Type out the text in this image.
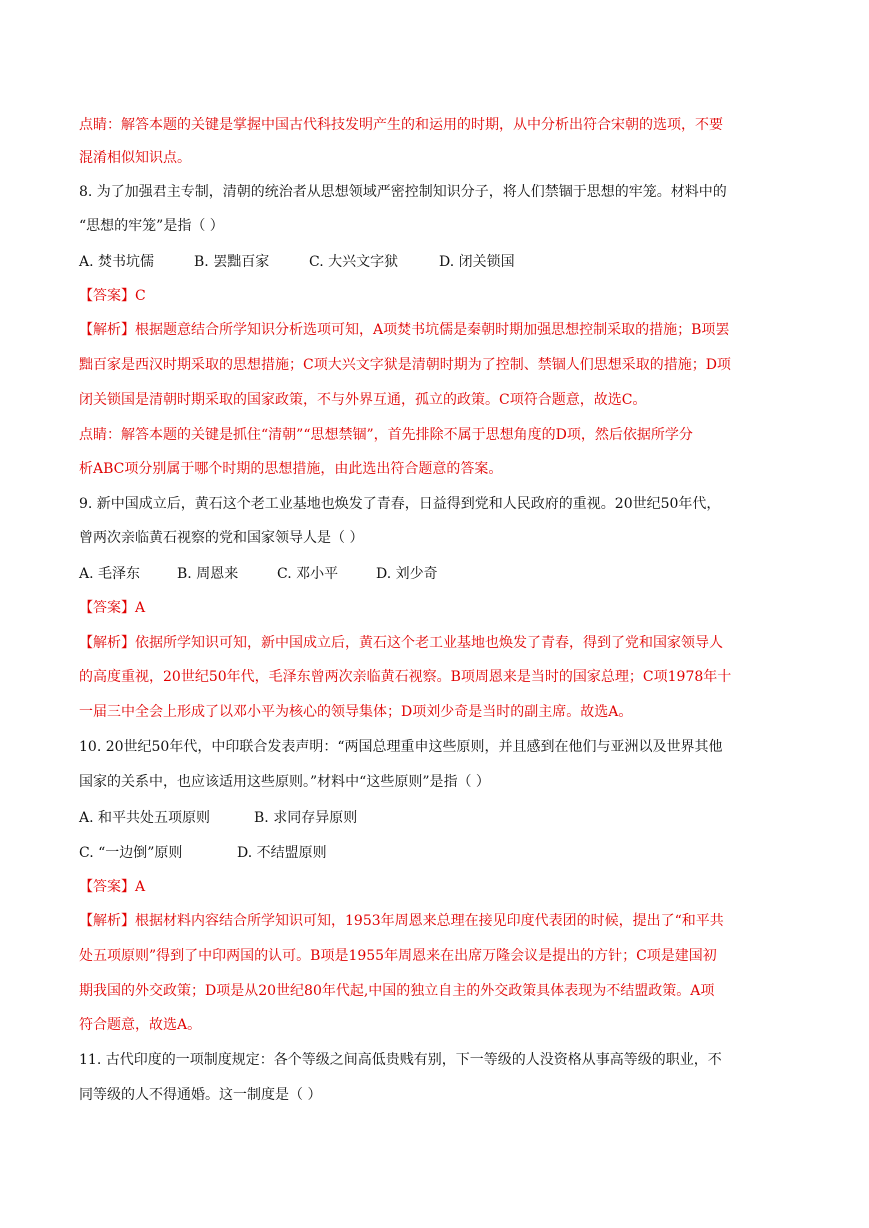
点睛：解答本题的关键是掌握中国古代科技发明产生的和运用的时期，从中分析出符合宋朝的选项，不要
混淆相似知识点。
8. 为了加强君主专制，清朝的统治者从思想领域严密控制知识分子，将人们禁锢于思想的牢笼。材料中的
“思想的牢笼”是指（ ）
A. 焚书坑儒	B. 罢黜百家	C. 大兴文字狱	D. 闭关锁国
【答案】C
【解析】根据题意结合所学知识分析选项可知，A项焚书坑儒是秦朝时期加强思想控制采取的措施；B项罢
黜百家是西汉时期采取的思想措施；C项大兴文字狱是清朝时期为了控制、禁锢人们思想采取的措施；D项
闭关锁国是清朝时期采取的国家政策，不与外界互通，孤立的政策。C项符合题意，故选C。
点睛：解答本题的关键是抓住“清朝”“思想禁锢”，首先排除不属于思想角度的D项，然后依据所学分
析ABC项分别属于哪个时期的思想措施，由此选出符合题意的答案。
9. 新中国成立后，黄石这个老工业基地也焕发了青春，日益得到党和人民政府的重视。20世纪50年代，
曾两次亲临黄石视察的党和国家领导人是（ ）
A. 毛泽东	B. 周恩来	C. 邓小平	D. 刘少奇
【答案】A
【解析】依据所学知识可知，新中国成立后，黄石这个老工业基地也焕发了青春，得到了党和国家领导人
的高度重视，20世纪50年代，毛泽东曾两次亲临黄石视察。B项周恩来是当时的国家总理；C项1978年十
一届三中全会上形成了以邓小平为核心的领导集体；D项刘少奇是当时的副主席。故选A。
10. 20世纪50年代，中印联合发表声明：“两国总理重申这些原则，并且感到在他们与亚洲以及世界其他
国家的关系中，也应该适用这些原则。”材料中“这些原则”是指（ ）
A. 和平共处五项原则	B. 求同存异原则
C. “一边倒”原则	D. 不结盟原则
【答案】A
【解析】根据材料内容结合所学知识可知，1953年周恩来总理在接见印度代表团的时候，提出了“和平共
处五项原则”得到了中印两国的认可。B项是1955年周恩来在出席万隆会议是提出的方针；C项是建国初
期我国的外交政策；D项是从20世纪80年代起,中国的独立自主的外交政策具体表现为不结盟政策。A项
符合题意，故选A。
11. 古代印度的一项制度规定：各个等级之间高低贵贱有别，下一等级的人没资格从事高等级的职业，不
同等级的人不得通婚。这一制度是（ ）
